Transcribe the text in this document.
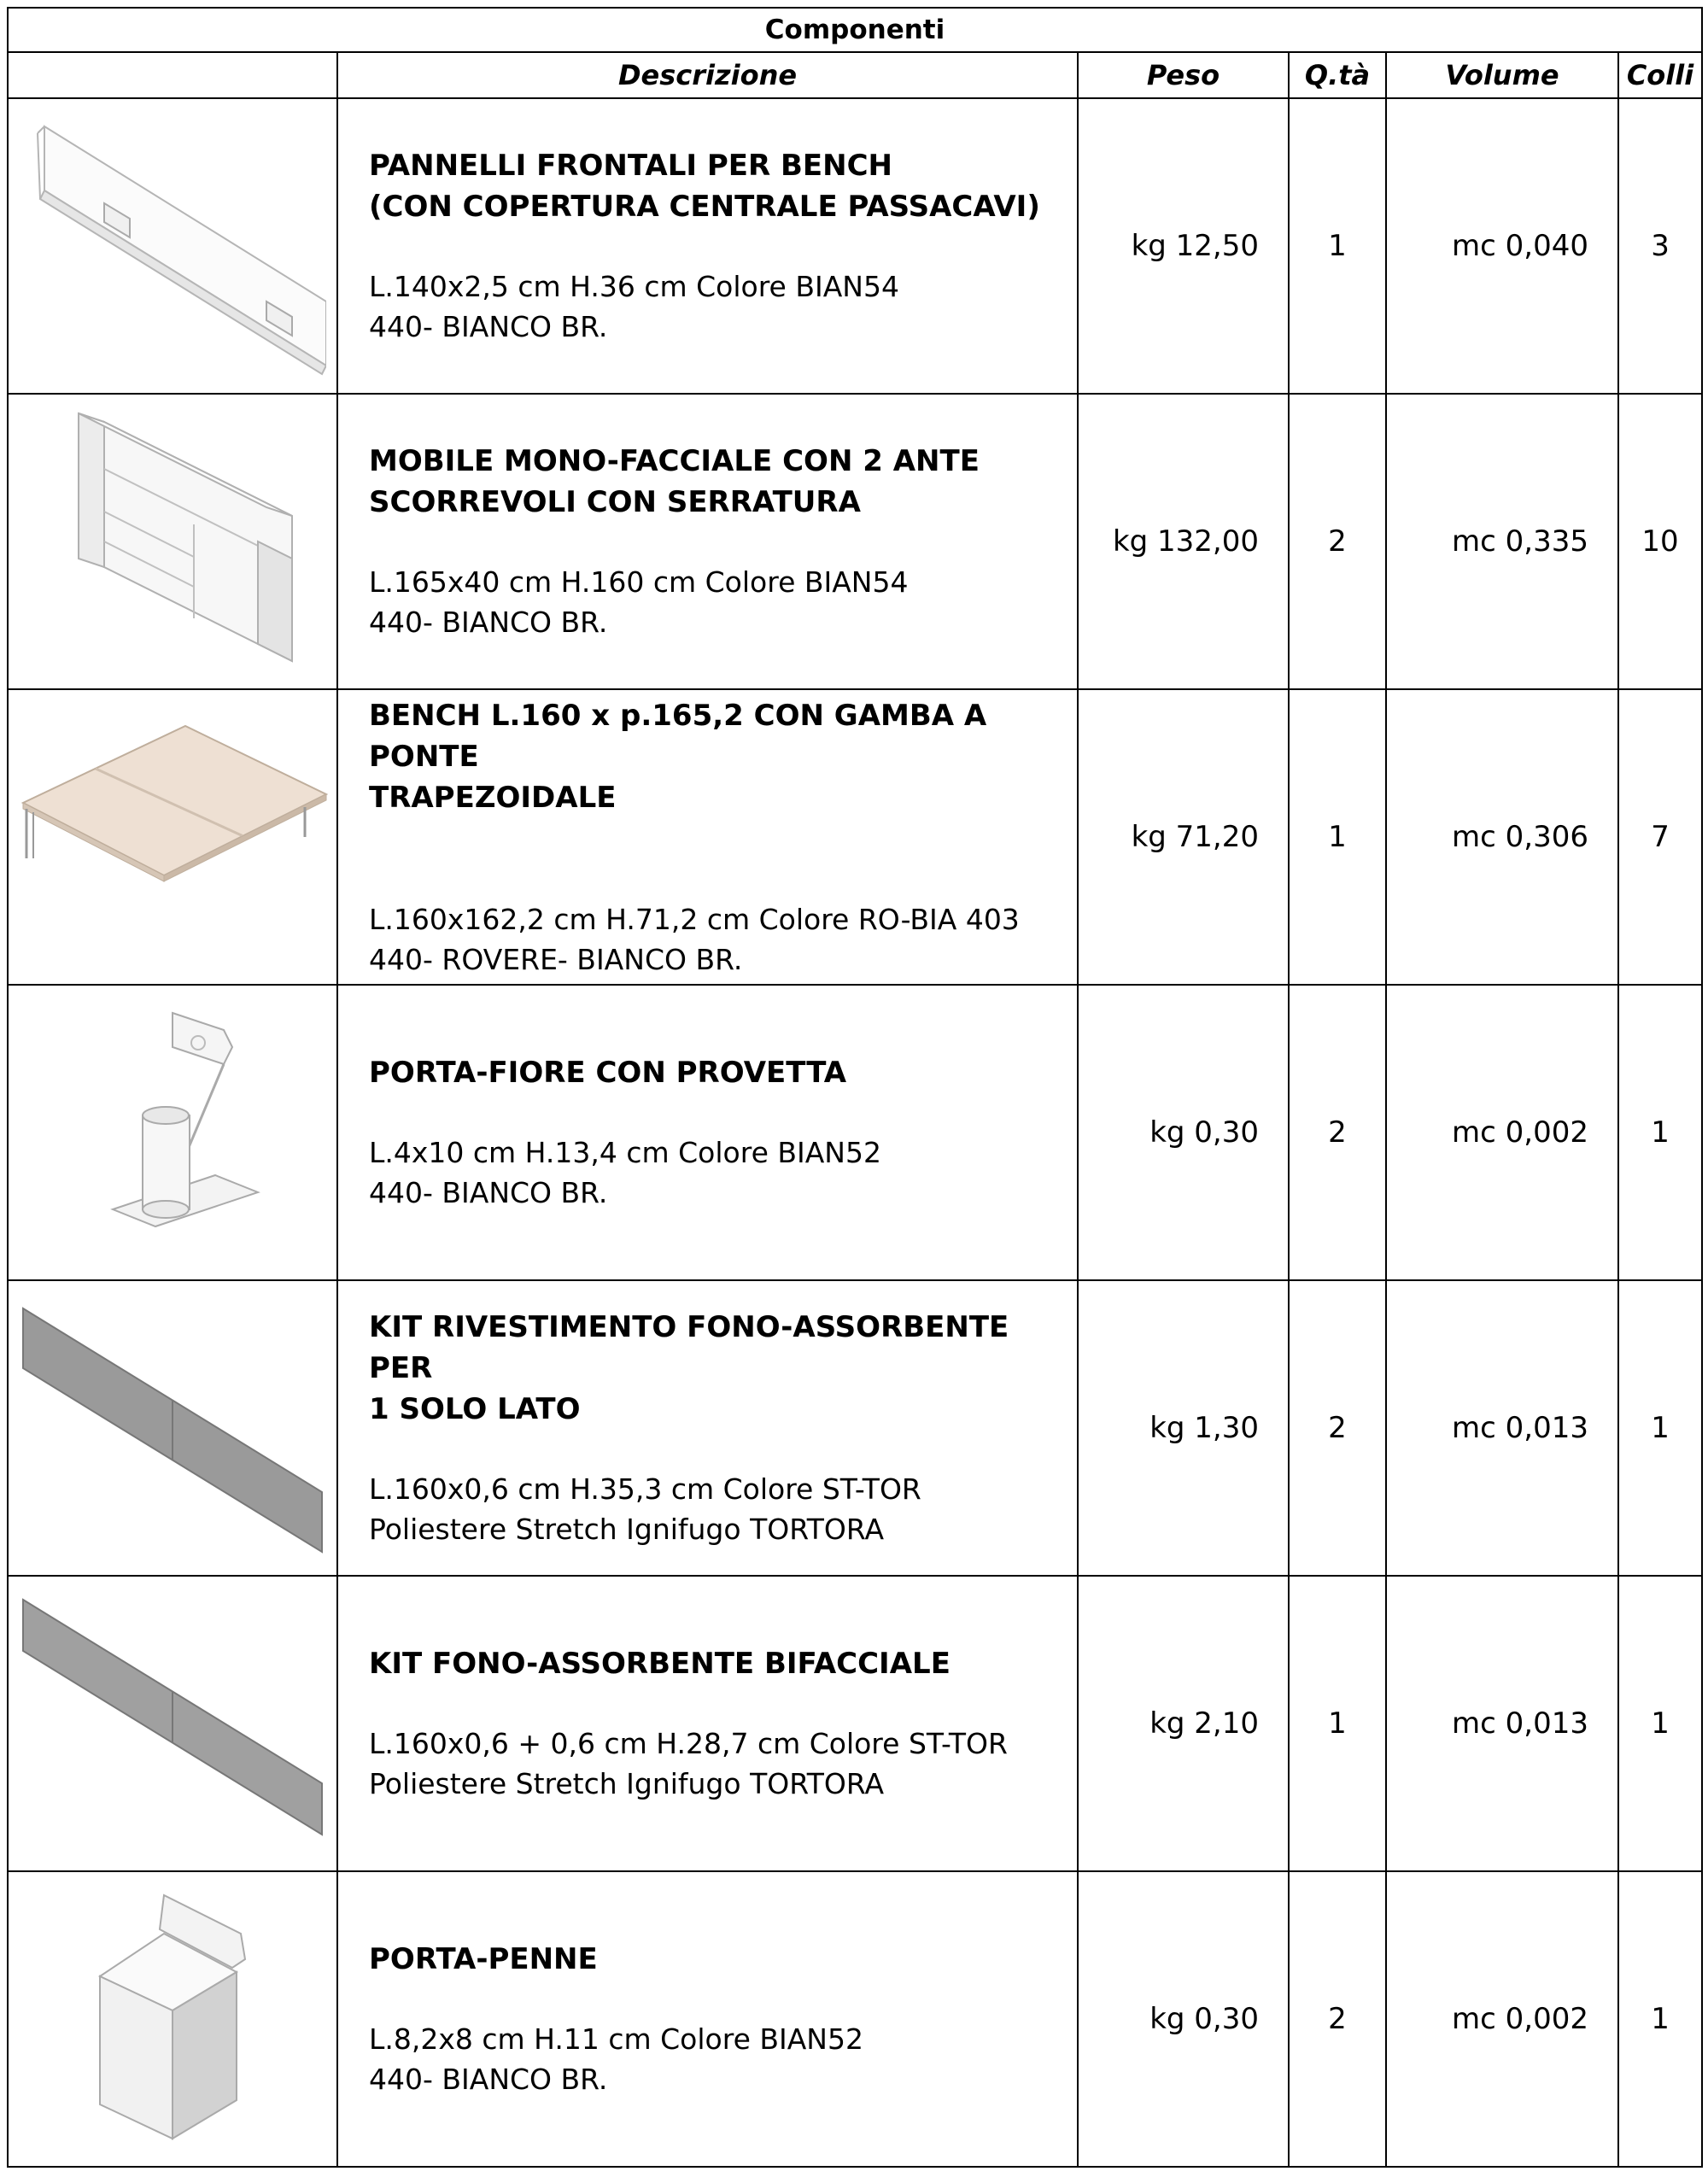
Componenti					
	Descrizione	Peso	Q.tà	Volume	Colli

PANNELLI FRONTALI PER BENCH
(CON COPERTURA CENTRALE PASSACAVI)
L.140x2,5 cm H.36 cm Colore BIAN54
440- BIANCO BR.	kg 12,50	1	mc 0,040	3

MOBILE MONO-FACCIALE CON 2 ANTE
SCORREVOLI CON SERRATURA
L.165x40 cm H.160 cm Colore BIAN54
440- BIANCO BR.	kg 132,00	2	mc 0,335	10

BENCH L.160 x p.165,2 CON GAMBA A PONTE
TRAPEZOIDALE
L.160x162,2 cm H.71,2 cm Colore RO-BIA 403
440- ROVERE- BIANCO BR.	kg 71,20	1	mc 0,306	7

PORTA-FIORE CON PROVETTA
L.4x10 cm H.13,4 cm Colore BIAN52
440- BIANCO BR.	kg 0,30	2	mc 0,002	1

KIT RIVESTIMENTO FONO-ASSORBENTE PER
1 SOLO LATO
L.160x0,6 cm H.35,3 cm Colore ST-TOR
Poliestere Stretch Ignifugo TORTORA	kg 1,30	2	mc 0,013	1

KIT FONO-ASSORBENTE BIFACCIALE
L.160x0,6 + 0,6 cm H.28,7 cm Colore ST-TOR
Poliestere Stretch Ignifugo TORTORA	kg 2,10	1	mc 0,013	1

PORTA-PENNE
L.8,2x8 cm H.11 cm Colore BIAN52
440- BIANCO BR.	kg 0,30	2	mc 0,002	1
